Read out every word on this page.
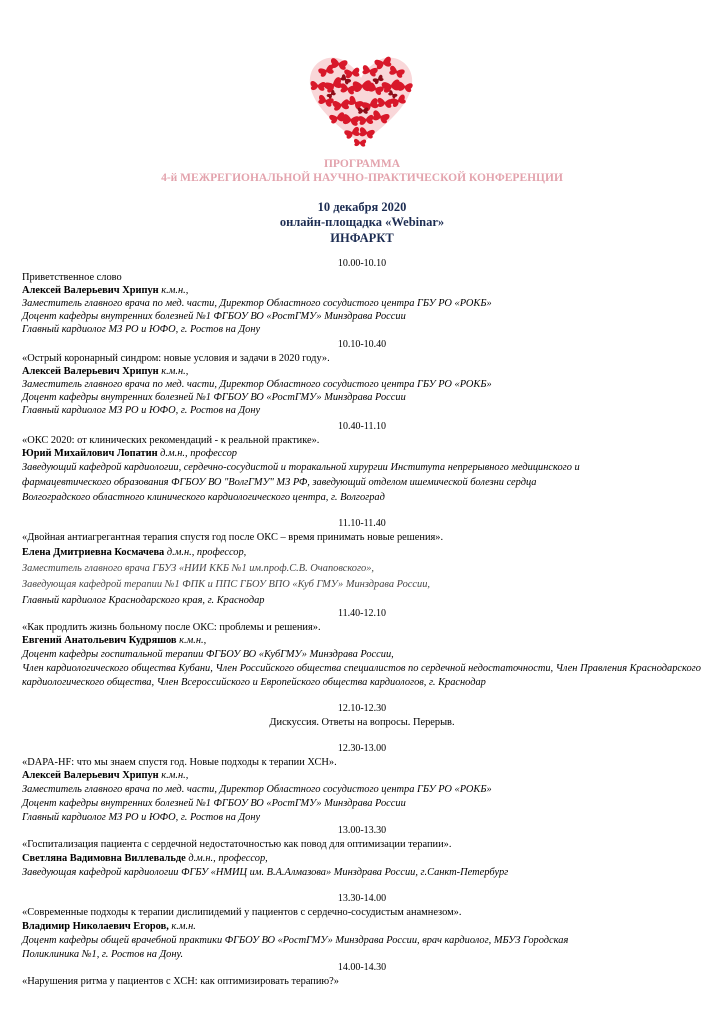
ПРОГРАММА
4-й МЕЖРЕГИОНАЛЬНОЙ НАУЧНО-ПРАКТИЧЕСКОЙ КОНФЕРЕНЦИИ
10 декабря 2020
онлайн-площадка «Webinar»
ИНФАРКТ
10.00-10.10
Приветственное слово
Алексей Валерьевич Хрипун к.м.н.,
Заместитель главного врача по мед. части, Директор Областного сосудистого центра ГБУ РО «РОКБ»
Доцент кафедры внутренних болезней №1 ФГБОУ ВО «РостГМУ» Минздрава России
Главный кардиолог МЗ РО и ЮФО, г. Ростов на Дону
10.10-10.40
«Острый коронарный синдром: новые условия и задачи в 2020 году».
Алексей Валерьевич Хрипун к.м.н.,
Заместитель главного врача по мед. части, Директор Областного сосудистого центра ГБУ РО «РОКБ»
Доцент кафедры внутренних болезней №1 ФГБОУ ВО «РостГМУ» Минздрава России
Главный кардиолог МЗ РО и ЮФО, г. Ростов на Дону
10.40-11.10
«ОКС 2020: от клинических рекомендаций - к реальной практике».
Юрий Михайлович Лопатин д.м.н., профессор
Заведующий кафедрой кардиологии, сердечно-сосудистой и торакальной хирургии Института непрерывного медицинского и
фармацевтического образования ФГБОУ ВО "ВолгГМУ" МЗ РФ, заведующий отделом ишемической болезни сердца
Волгоградского областного клинического кардиологического центра, г. Волгоград
11.10-11.40
«Двойная антиагрегантная терапия спустя год после ОКС – время принимать новые решения».
Елена Дмитриевна Космачева д.м.н., профессор,
Заместитель главного врача ГБУЗ «НИИ ККБ №1 им.проф.С.В. Очаповского»,
Заведующая кафедрой терапии №1 ФПК и ППС ГБОУ ВПО «Куб ГМУ» Минздрава России,
Главный кардиолог Краснодарского края, г. Краснодар
11.40-12.10
«Как продлить жизнь больному после ОКС: проблемы и решения».
Евгений Анатольевич Кудряшов к.м.н.,
Доцент кафедры госпитальной терапии ФГБОУ ВО «КубГМУ» Минздрава России,
Член кардиологического общества Кубани, Член Российского общества специалистов по сердечной недостаточности, Член Правления Краснодарского кардиологического общества, Член Всероссийского и Европейского общества кардиологов, г. Краснодар
12.10-12.30
Дискуссия. Ответы на вопросы. Перерыв.
12.30-13.00
«DAPA-HF: что мы знаем спустя год. Новые подходы к терапии ХСН».
Алексей Валерьевич Хрипун к.м.н.,
Заместитель главного врача по мед. части, Директор Областного сосудистого центра ГБУ РО «РОКБ»
Доцент кафедры внутренних болезней №1 ФГБОУ ВО «РостГМУ» Минздрава России
Главный кардиолог МЗ РО и ЮФО, г. Ростов на Дону
13.00-13.30
«Госпитализация пациента с сердечной недостаточностью как повод для оптимизации терапии».
Светляна Вадимовна Виллевальде д.м.н., профессор,
Заведующая кафедрой кардиологии ФГБУ «НМИЦ им. В.А.Алмазова» Минздрава России, г.Санкт-Петербург
13.30-14.00
«Современные подходы к терапии дислипидемий у пациентов с сердечно-сосудистым анамнезом».
Владимир Николаевич Егоров, к.м.н.
Доцент кафедры общей врачебной практики ФГБОУ ВО «РостГМУ» Минздрава России, врач кардиолог, МБУЗ Городская
Поликлиника №1, г. Ростов на Дону.
14.00-14.30
«Нарушения ритма у пациентов с ХСН: как оптимизировать терапию?»
